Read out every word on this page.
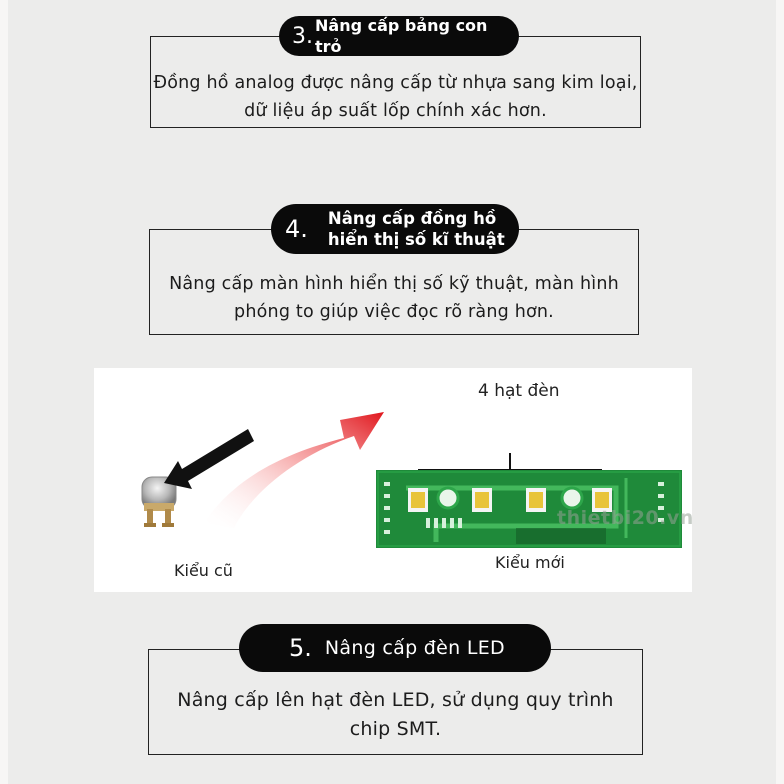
Đồng hồ analog được nâng cấp từ nhựa sang kim loại,
dữ liệu áp suất lốp chính xác hơn.

3. Nâng cấp bảng con trỏ

Nâng cấp màn hình hiển thị số kỹ thuật, màn hình
phóng to giúp việc đọc rõ ràng hơn.

4. Nâng cấp đồng hồ
hiển thị số kĩ thuật
1 hạt đèn
4 hạt đèn
thietbi20.vn
Kiểu cũ	Kiểu mới

Nâng cấp lên hạt đèn LED, sử dụng quy trình
chip SMT.

5. Nâng cấp đèn LED
